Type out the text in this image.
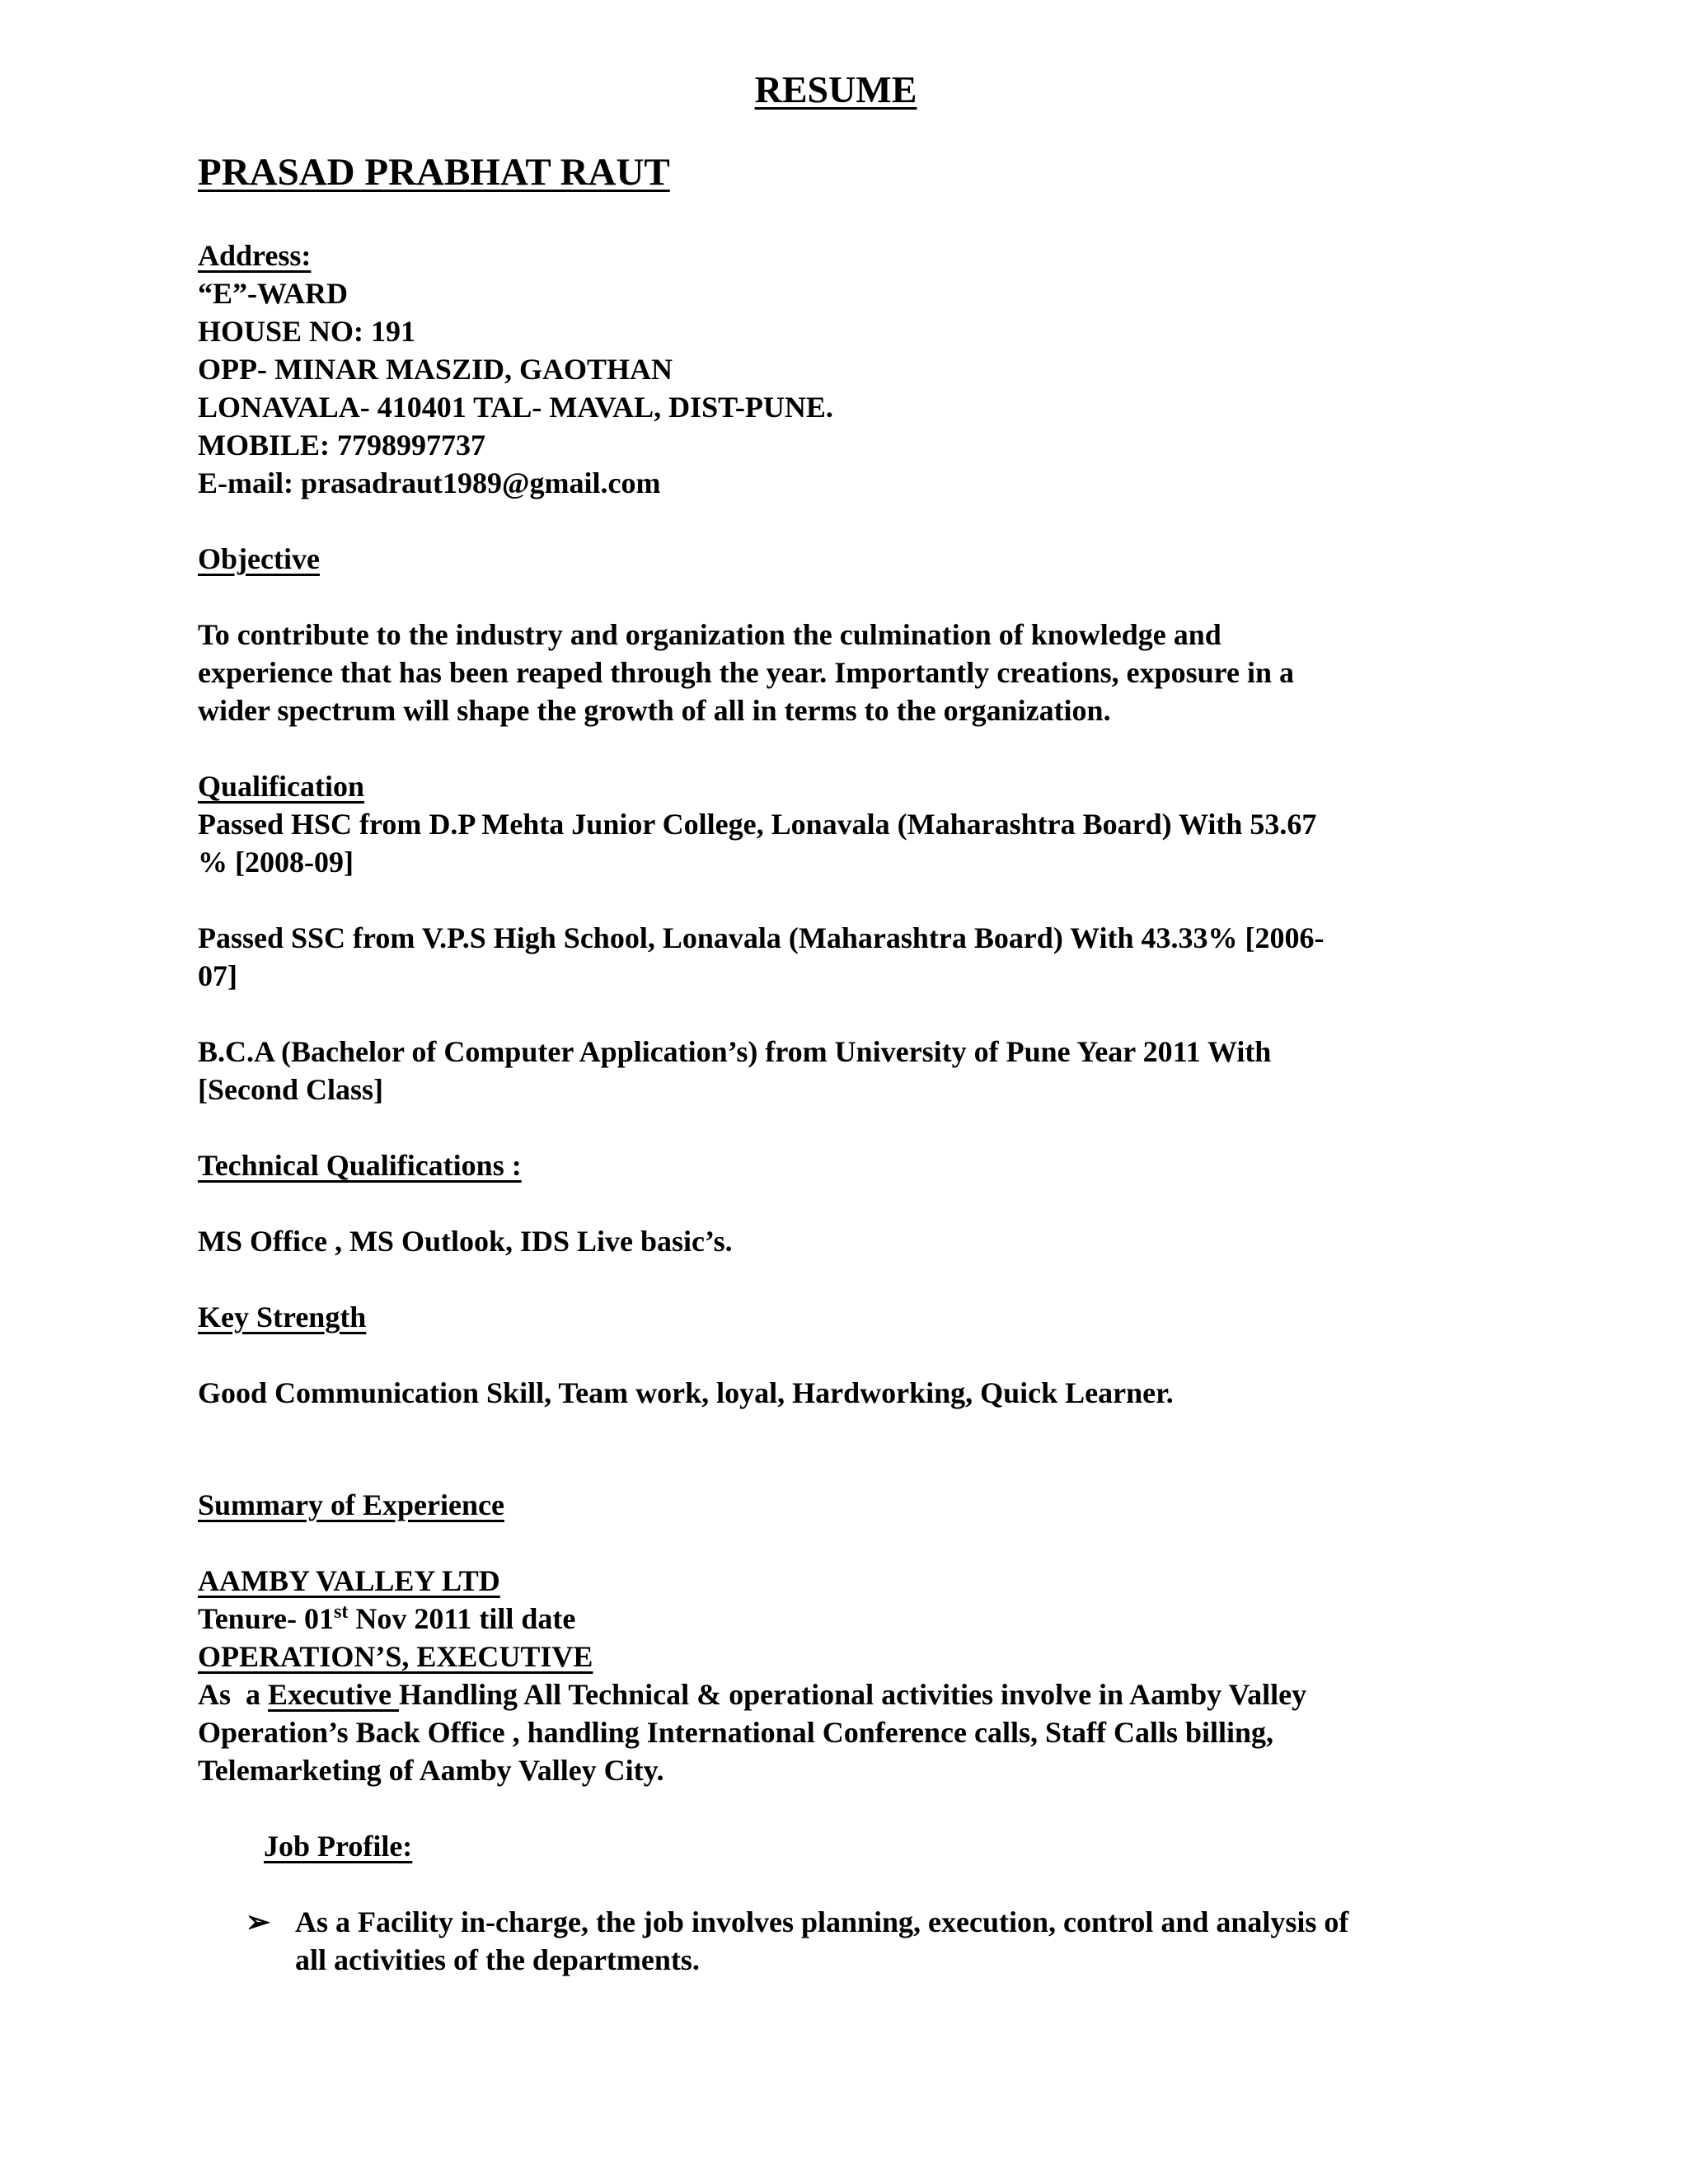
RESUME
PRASAD PRABHAT RAUT
Address:
“E”-WARD
HOUSE NO: 191
OPP- MINAR MASZID, GAOTHAN
LONAVALA- 410401 TAL- MAVAL, DIST-PUNE.
MOBILE: 7798997737
E-mail: prasadraut1989@gmail.com
Objective
To contribute to the industry and organization the culmination of knowledge and
experience that has been reaped through the year. Importantly creations, exposure in a
wider spectrum will shape the growth of all in terms to the organization.
Qualification
Passed HSC from D.P Mehta Junior College, Lonavala (Maharashtra Board) With 53.67
% [2008-09]
Passed SSC from V.P.S High School, Lonavala (Maharashtra Board) With 43.33% [2006-
07]
B.C.A (Bachelor of Computer Application’s) from University of Pune Year 2011 With
[Second Class]
Technical Qualifications :
MS Office , MS Outlook, IDS Live basic’s.
Key Strength
Good Communication Skill, Team work, loyal, Hardworking, Quick Learner.
Summary of Experience
AAMBY VALLEY LTD
Tenure- 01st Nov 2011 till date
OPERATION’S, EXECUTIVE
As  a Executive Handling All Technical & operational activities involve in Aamby Valley
Operation’s Back Office , handling International Conference calls, Staff Calls billing,
Telemarketing of Aamby Valley City.
Job Profile:
➢ As a Facility in-charge, the job involves planning, execution, control and analysis of
all activities of the departments.
